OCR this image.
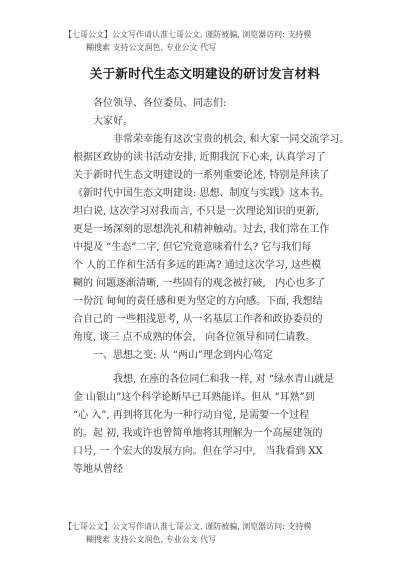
【七哥公文】公文写作请认准七哥公文, 谨防被骗, 浏览器访问: 支持模
糊搜索 支持公文润色, 专业公文 代写
关于新时代生态文明建设的研讨发言材料
各位领导、各位委员、同志们:
大家好。
非常荣幸能有这次宝贵的机会, 和大家一同交流学习。
根据区政协的读书活动安排, 近期我沉下心来, 认真学习了
关于新时代生态文明建设的一系列重要论述, 特别是拜读了
《新时代中国生态文明建设: 思想、制度与实践》这本书。
坦白说, 这次学习对我而言, 不只是一次理论知识的更新,
更是一场深刻的思想洗礼和精神触动。过去, 我们常在工作
中提及 “生态”二字, 但它究竟意味着什么? 它与我们每
个 人的工作和生活有多远的距离? 通过这次学习, 这些模
糊的 问题逐渐清晰, 一些固有的观念被打破,   内心也多了
一份沉 甸甸的责任感和更为坚定的方向感。下面, 我想结
合自己的 一些粗浅思考, 从一名基层工作者和政协委员的
角度, 谈三 点不成熟的体会,   向各位领导和同仁请教。
一、思想之变: 从 “两山”理念到内心笃定
我想, 在座的各位同仁和我一样, 对 “绿水青山就是
金 山银山”这个科学论断早已耳熟能详。但从 “耳熟”到
“心 入”, 再到将其化为一种行动自觉, 是需要一个过程
的。起 初, 我或许也曾简单地将其理解为一个高屋建瓴的
口号, 一 个宏大的发展方向。但在学习中,   当我看到 XX
等地从曾经
【七哥公文】公文写作请认准七哥公文, 谨防被骗, 浏览器访问: 支持模
糊搜索 支持公文润色, 专业公文 代写
